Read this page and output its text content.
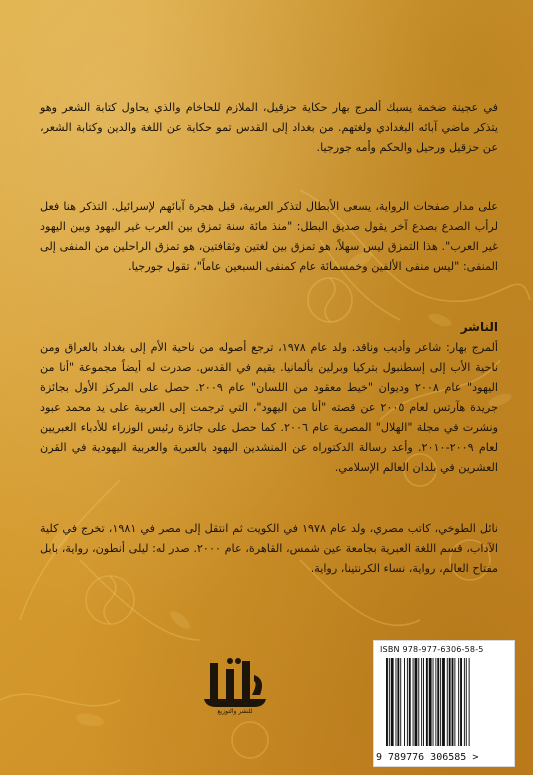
في عجينة ضخمة يسبك ألمرج بهار حكاية حزقيل، الملازم للحاخام والذي يحاول كتابة الشعر وهو يتذكر ماضي آبائه البغدادي ولغتهم. من بغداد إلى القدس تمو حكاية عن اللغة والدين وكتابة الشعر، عن حزقيل ورحيل والحكم وأمه جورجيا.
على مدار صفحات الرواية، يسعى الأبطال لتذكر العربية، قبل هجرة آبائهم لإسرائيل. التذكر هنا فعل لرأب الصدع بصدع آخر يقول صديق البطل: "منذ مائة سنة تمزق بين العرب غير اليهود وبين اليهود غير العرب". هذا التمزق ليس سهلاً، هو تمزق بين لغتين وثقافتين، هو تمزق الراحلين من المنفى إلى المنفى: "ليس منفى الألفين وخمسمائة عام كمنفى السبعين عاماً"، تقول جورجيا.
الناشر
ألمرج بهار: شاعر وأديب وناقد. ولد عام ١٩٧٨، ترجع أصوله من ناحية الأم إلى بغداد بالعراق ومن ناحية الأب إلى إسطنبول بتركيا وبرلين بألمانيا. يقيم في القدس. صدرت له أيضاً مجموعة "أنا من اليهود" عام ٢٠٠٨ وديوان "خيط معقود من اللسان" عام ٢٠٠٩. حصل على المركز الأول بجائزة جريدة هآرتس لعام ٢٠٠٥ عن قصته "أنا من اليهود"، التي ترجمت إلى العربية على يد محمد عبود ونشرت في مجلة "الهلال" المصرية عام ٢٠٠٦. كما حصل على جائزة رئيس الوزراء للأدباء العبريين لعام ٢٠٠٩-٢٠١٠. وأعد رسالة الدكتوراه عن المنشدين اليهود بالعبرية والعربية اليهودية في القرن العشرين في بلدان العالم الإسلامي.
نائل الطوخي، كاتب مصري، ولد عام ١٩٧٨ في الكويت ثم انتقل إلى مصر في ١٩٨١، تخرج في كلية الآداب، قسم اللغة العبرية بجامعة عين شمس، القاهرة، عام ٢٠٠٠. صدر له: ليلى أنطون، رواية، بابل مفتاح العالم، رواية، نساء الكرنتينا، رواية.
الكتب خان
للنشر والتوزيع
ISBN 978-977-6306-58-5
9 789776 306585 >
